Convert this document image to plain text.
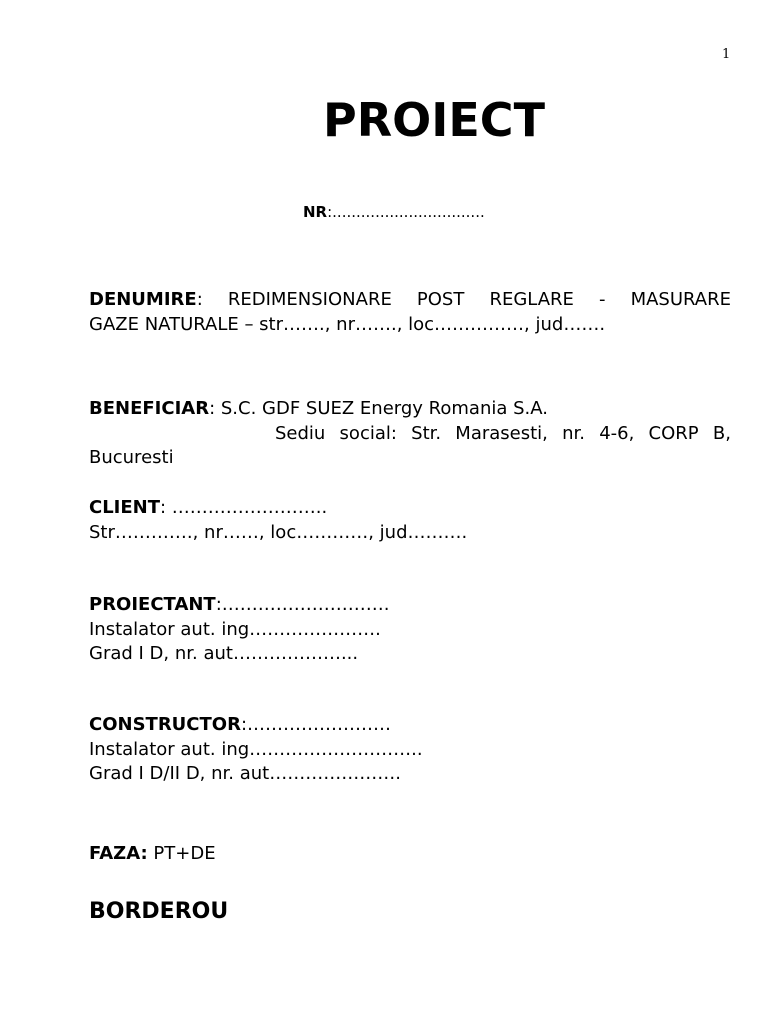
1
PROIECT
NR:................................
DENUMIRE: REDIMENSIONARE POST REGLARE - MASURARE
GAZE NATURALE – str……., nr……., loc……………, jud…….
BENEFICIAR: S.C. GDF SUEZ Energy Romania S.A.
Sediu social: Str. Marasesti, nr. 4-6, CORP B,
Bucuresti
CLIENT: ……………………..
Str…………., nr……, loc…………, jud……….
PROIECTANT:……………………….
Instalator aut. ing………………….
Grad I D, nr. aut………………...
CONSTRUCTOR:……………………
Instalator aut. ing………………………..
Grad I D/II D, nr. aut………………….
FAZA: PT+DE
BORDEROU
